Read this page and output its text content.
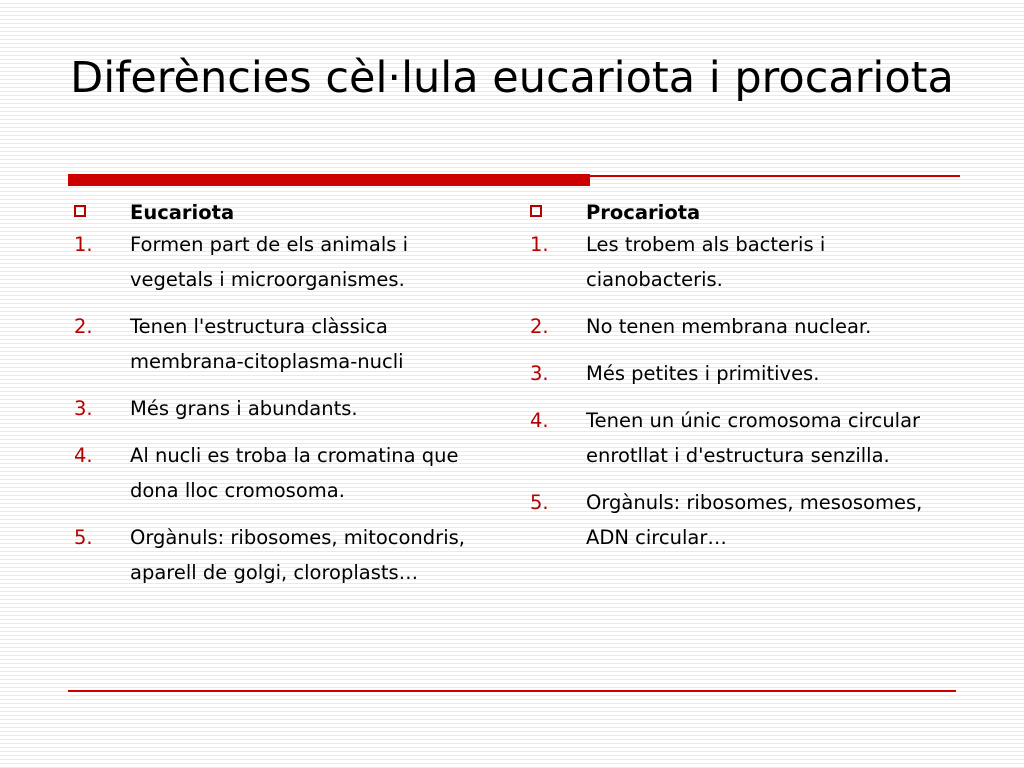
Diferències cèl·lula eucariota i procariota
Eucariota
1. Formen part de els animals i vegetals i microorganismes.
2. Tenen l'estructura clàssica membrana-citoplasma-nucli
3. Més grans i abundants.
4. Al nucli es troba la cromatina que dona lloc cromosoma.
5. Orgànuls: ribosomes, mitocondris, aparell de golgi, cloroplasts…
Procariota
1. Les trobem als bacteris i cianobacteris.
2. No tenen membrana nuclear.
3. Més petites i primitives.
4. Tenen un únic cromosoma circular enrotllat i d'estructura senzilla.
5. Orgànuls: ribosomes, mesosomes, ADN circular…
